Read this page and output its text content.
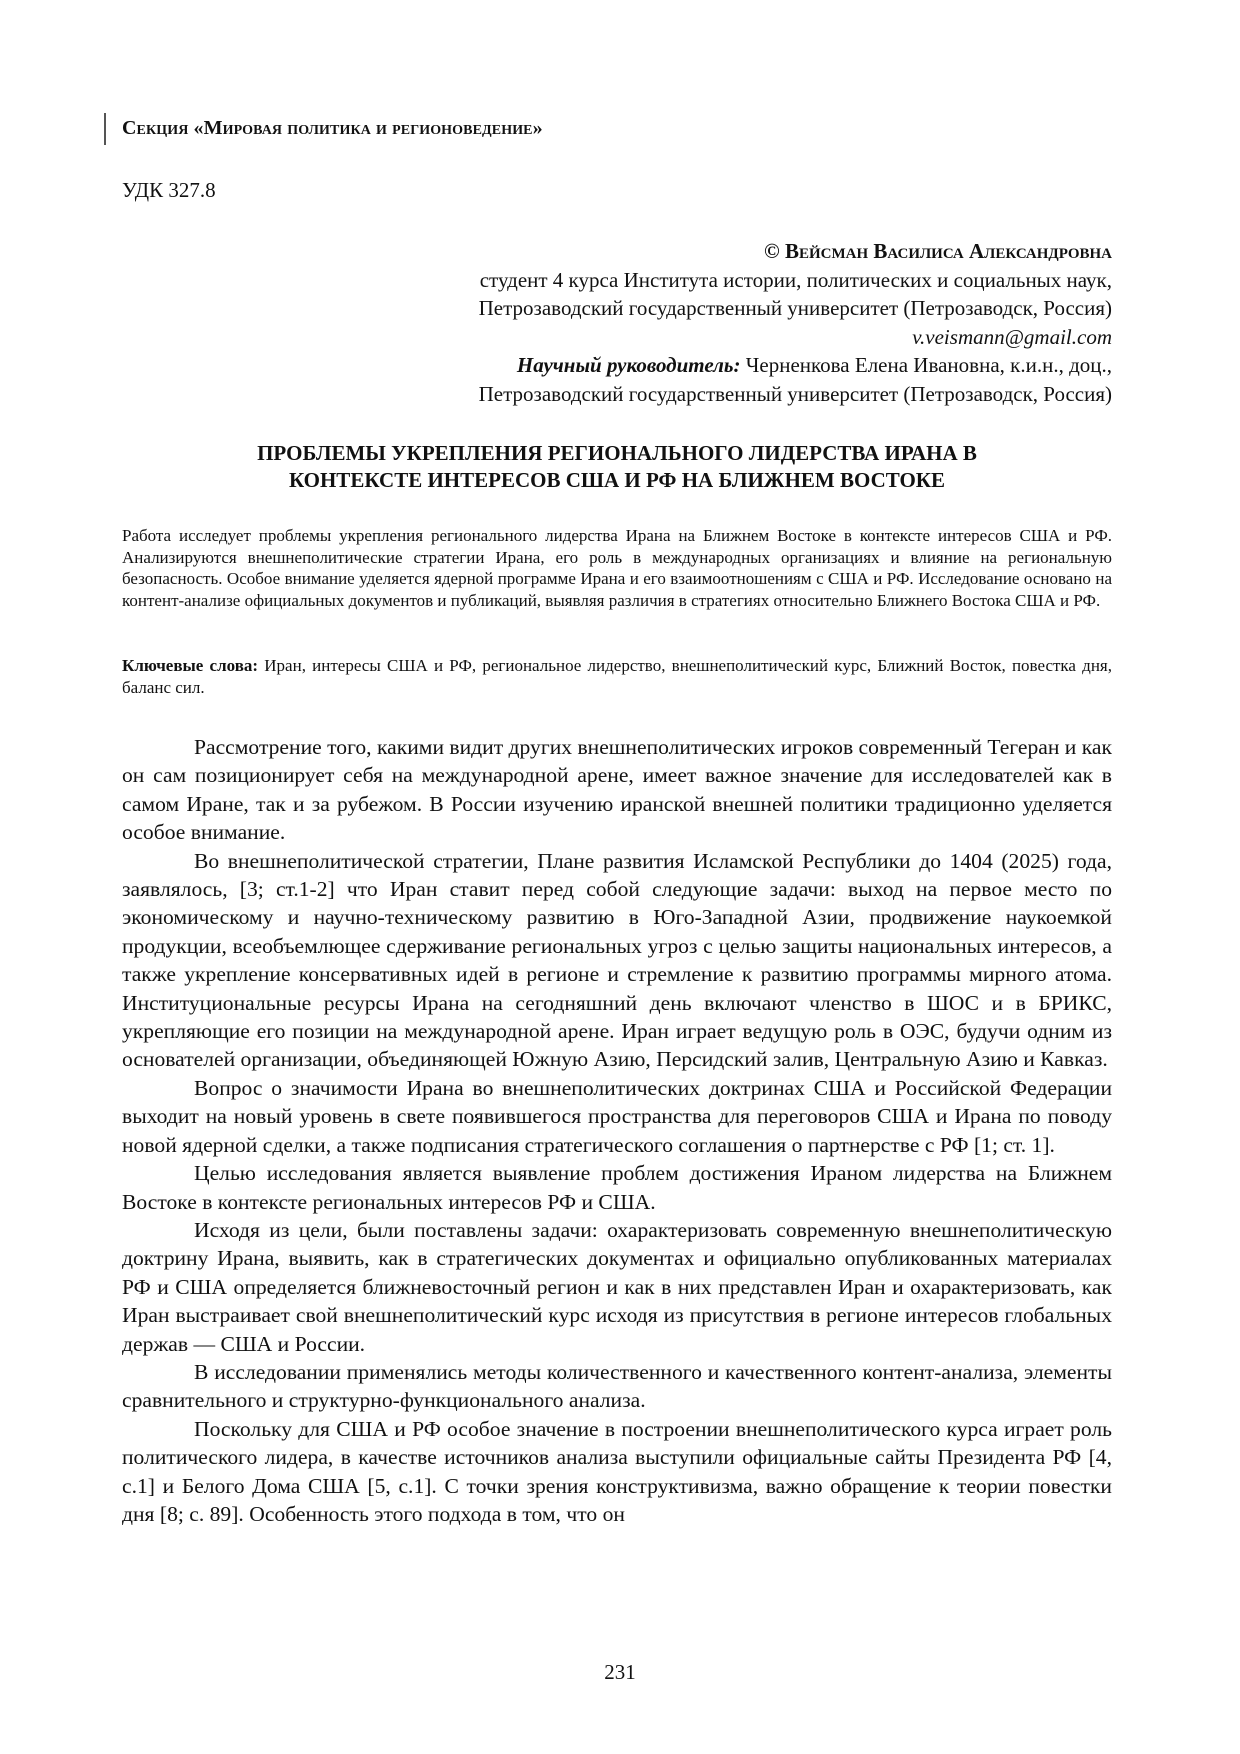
Секция «Мировая политика и регионоведение»
УДК 327.8
© Вейсман Василиса Александровна
студент 4 курса Института истории, политических и социальных наук,
Петрозаводский государственный университет (Петрозаводск, Россия)
v.veismann@gmail.com
Научный руководитель: Черненкова Елена Ивановна, к.и.н., доц.,
Петрозаводский государственный университет (Петрозаводск, Россия)
ПРОБЛЕМЫ УКРЕПЛЕНИЯ РЕГИОНАЛЬНОГО ЛИДЕРСТВА ИРАНА В
КОНТЕКСТЕ ИНТЕРЕСОВ США И РФ НА БЛИЖНЕМ ВОСТОКЕ
Работа исследует проблемы укрепления регионального лидерства Ирана на Ближнем Востоке в контексте интересов США и РФ. Анализируются внешнеполитические стратегии Ирана, его роль в международных организациях и влияние на региональную безопасность. Особое внимание уделяется ядерной программе Ирана и его взаимоотношениям с США и РФ. Исследование основано на контент-анализе официальных документов и публикаций, выявляя различия в стратегиях относительно Ближнего Востока США и РФ.
Ключевые слова: Иран, интересы США и РФ, региональное лидерство, внешнеполитический курс, Ближний Восток, повестка дня, баланс сил.

Рассмотрение того, какими видит других внешнеполитических игроков современный Тегеран и как он сам позиционирует себя на международной арене, имеет важное значение для исследователей как в самом Иране, так и за рубежом. В России изучению иранской внешней политики традиционно уделяется особое внимание.

Во внешнеполитической стратегии, Плане развития Исламской Республики до 1404 (2025) года, заявлялось, [3; ст.1-2] что Иран ставит перед собой следующие задачи: выход на первое место по экономическому и научно-техническому развитию в Юго-Западной Азии, продвижение наукоемкой продукции, всеобъемлющее сдерживание региональных угроз с целью защиты национальных интересов, а также укрепление консервативных идей в регионе и стремление к развитию программы мирного атома. Институциональные ресурсы Ирана на сегодняшний день включают членство в ШОС и в БРИКС, укрепляющие его позиции на международной арене. Иран играет ведущую роль в ОЭС, будучи одним из основателей организации, объединяющей Южную Азию, Персидский залив, Центральную Азию и Кавказ.

Вопрос о значимости Ирана во внешнеполитических доктринах США и Российской Федерации выходит на новый уровень в свете появившегося пространства для переговоров США и Ирана по поводу новой ядерной сделки, а также подписания стратегического соглашения о партнерстве с РФ [1; ст. 1].

Целью исследования является выявление проблем достижения Ираном лидерства на Ближнем Востоке в контексте региональных интересов РФ и США.

Исходя из цели, были поставлены задачи: охарактеризовать современную внешнеполитическую доктрину Ирана, выявить, как в стратегических документах и официально опубликованных материалах РФ и США определяется ближневосточный регион и как в них представлен Иран и охарактеризовать, как Иран выстраивает свой внешнеполитический курс исходя из присутствия в регионе интересов глобальных держав — США и России.

В исследовании применялись методы количественного и качественного контент-анализа, элементы сравнительного и структурно-функционального анализа.

Поскольку для США и РФ особое значение в построении внешнеполитического курса играет роль политического лидера, в качестве источников анализа выступили официальные сайты Президента РФ [4, с.1] и Белого Дома США [5, с.1]. С точки зрения конструктивизма, важно обращение к теории повестки дня [8; с. 89]. Особенность этого подхода в том, что он

231
